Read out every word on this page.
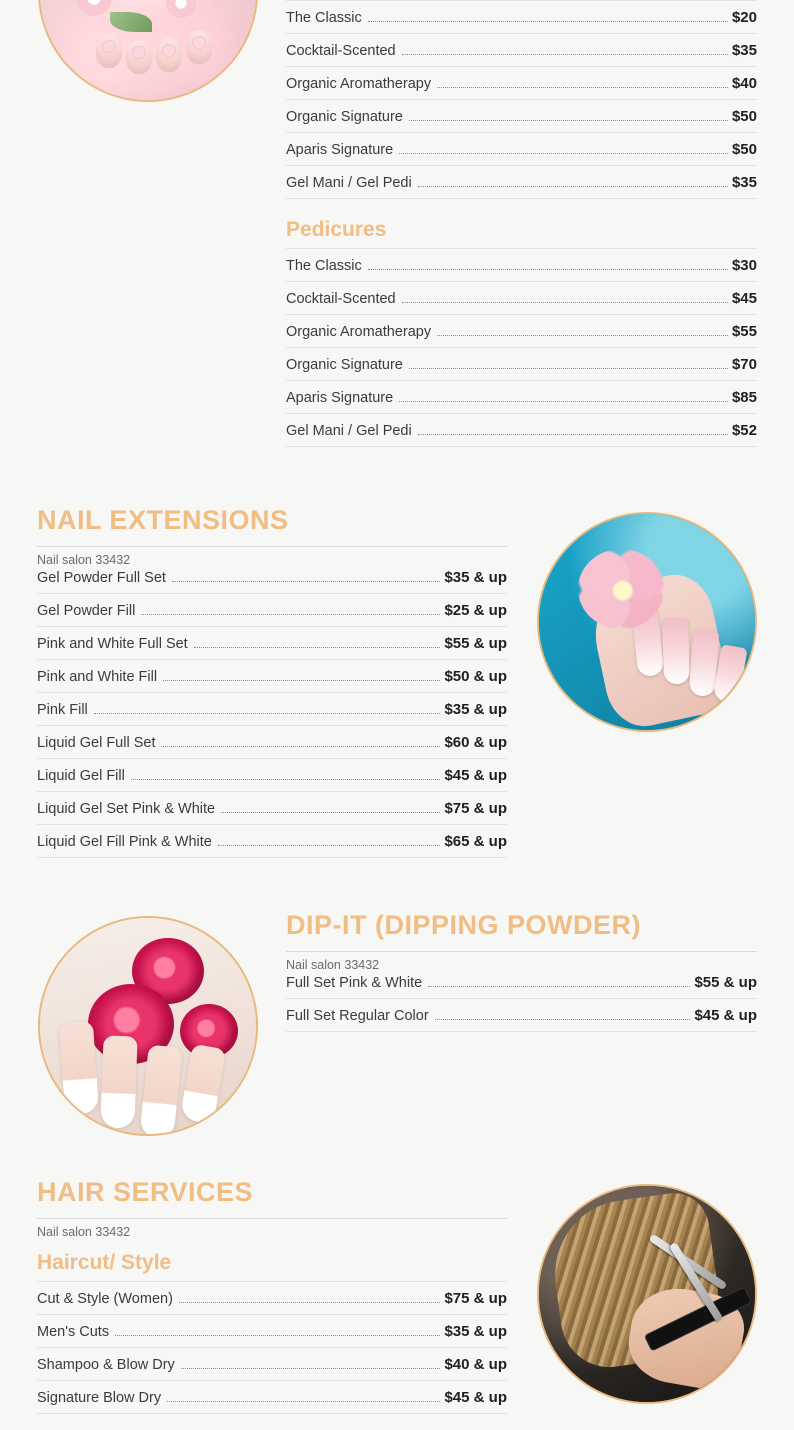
The Classic	$20
Cocktail-Scented	$35
Organic Aromatherapy	$40
Organic Signature	$50
Aparis Signature	$50
Gel Mani / Gel Pedi	$35
Pedicures
The Classic	$30
Cocktail-Scented	$45
Organic Aromatherapy	$55
Organic Signature	$70
Aparis Signature	$85
Gel Mani / Gel Pedi	$52
NAIL EXTENSIONS

Nail salon 33432

Gel Powder Full Set	$35 & up
Gel Powder Fill	$25 & up
Pink and White Full Set	$55 & up
Pink and White Fill	$50 & up
Pink Fill	$35 & up
Liquid Gel Full Set	$60 & up
Liquid Gel Fill	$45 & up
Liquid Gel Set Pink & White	$75 & up
Liquid Gel Fill Pink & White	$65 & up
DIP-IT (DIPPING POWDER)

Nail salon 33432

Full Set Pink & White	$55 & up
Full Set Regular Color	$45 & up
HAIR SERVICES

Nail salon 33432

Haircut/ Style
Cut & Style (Women)	$75 & up
Men's Cuts	$35 & up
Shampoo & Blow Dry	$40 & up
Signature Blow Dry	$45 & up
